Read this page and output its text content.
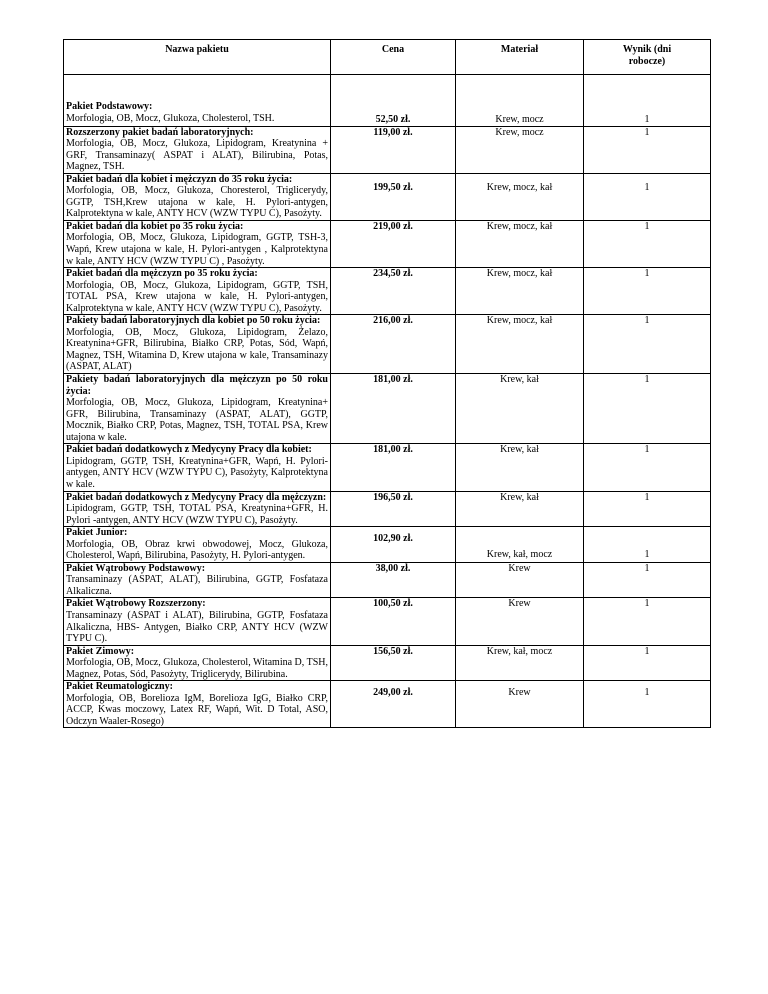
Nazwa pakietu	Cena	Materiał	Wynik (dni robocze)

Pakiet Podstawowy:
Morfologia, OB, Mocz, Glukoza, Cholesterol, TSH.	52,50 zł.	Krew, mocz	1

Rozszerzony pakiet badań laboratoryjnych:
Morfologia, OB, Mocz, Glukoza, Lipidogram, Kreatynina + GRF, Transaminazy( ASPAT i ALAT), Bilirubina, Potas, Magnez, TSH.	119,00 zł.	Krew, mocz	1

Pakiet badań dla kobiet i mężczyzn do 35 roku życia:
Morfologia, OB, Mocz, Glukoza, Choresterol, Triglicerydy, GGTP, TSH,Krew utajona w kale, H. Pylori-antygen, Kalprotektyna w kale, ANTY HCV (WZW TYPU C), Pasożyty.	199,50 zł.	Krew, mocz, kał	1

Pakiet badań dla kobiet po 35 roku życia:
Morfologia, OB, Mocz, Glukoza, Lipidogram, GGTP, TSH-3, Wapń, Krew utajona w kale, H. Pylori-antygen , Kalprotektyna w kale, ANTY HCV (WZW TYPU C) , Pasożyty.	219,00 zł.	Krew, mocz, kał	1

Pakiet badań dla mężczyzn po 35 roku życia:
Morfologia, OB, Mocz, Glukoza, Lipidogram, GGTP, TSH, TOTAL PSA, Krew utajona w kale, H. Pylori-antygen, Kalprotektyna w kale, ANTY HCV (WZW TYPU C), Pasożyty.	234,50 zł.	Krew, mocz, kał	1

Pakiety badań laboratoryjnych dla kobiet po 50 roku życia:
Morfologia, OB, Mocz, Glukoza, Lipidogram, Żelazo, Kreatynina+GFR, Bilirubina, Białko CRP, Potas, Sód, Wapń, Magnez, TSH, Witamina D, Krew utajona w kale, Transaminazy (ASPAT, ALAT)	216,00 zł.	Krew, mocz, kał	1

Pakiety badań laboratoryjnych dla mężczyzn po 50 roku życia:
Morfologia, OB, Mocz, Glukoza, Lipidogram, Kreatynina+ GFR, Bilirubina, Transaminazy (ASPAT, ALAT), GGTP, Mocznik, Białko CRP, Potas, Magnez, TSH, TOTAL PSA, Krew utajona w kale.	181,00 zł.	Krew, kał	1

Pakiet badań dodatkowych z Medycyny Pracy dla kobiet:
Lipidogram, GGTP, TSH, Kreatynina+GFR, Wapń, H. Pylori-antygen, ANTY HCV (WZW TYPU C), Pasożyty, Kalprotektyna w kale.	181,00 zł.	Krew, kał	1

Pakiet badań dodatkowych z Medycyny Pracy dla mężczyzn:
Lipidogram, GGTP, TSH, TOTAL PSA, Kreatynina+GFR, H. Pylori -antygen, ANTY HCV (WZW TYPU C), Pasożyty.	196,50 zł.	Krew, kał	1

Pakiet Junior:
Morfologia, OB, Obraz krwi obwodowej, Mocz, Glukoza, Cholesterol, Wapń, Bilirubina, Pasożyty, H. Pylori-antygen.	102,90 zł.	Krew, kał, mocz	1

Pakiet Wątrobowy Podstawowy:
Transaminazy (ASPAT, ALAT), Bilirubina, GGTP, Fosfataza Alkaliczna.	38,00 zł.	Krew	1

Pakiet Wątrobowy Rozszerzony:
Transaminazy (ASPAT i ALAT), Bilirubina, GGTP, Fosfataza Alkaliczna, HBS- Antygen, Białko CRP, ANTY HCV (WZW TYPU C).	100,50 zł.	Krew	1

Pakiet Zimowy:
Morfologia, OB, Mocz, Glukoza, Cholesterol, Witamina D, TSH, Magnez, Potas, Sód, Pasożyty, Triglicerydy, Bilirubina.	156,50 zł.	Krew, kał, mocz	1

Pakiet Reumatologiczny:
Morfologia, OB, Borelioza IgM, Borelioza IgG, Białko CRP, ACCP, Kwas moczowy, Latex RF, Wapń, Wit. D Total, ASO, Odczyn Waaler-Rosego)	249,00 zł.	Krew	1
